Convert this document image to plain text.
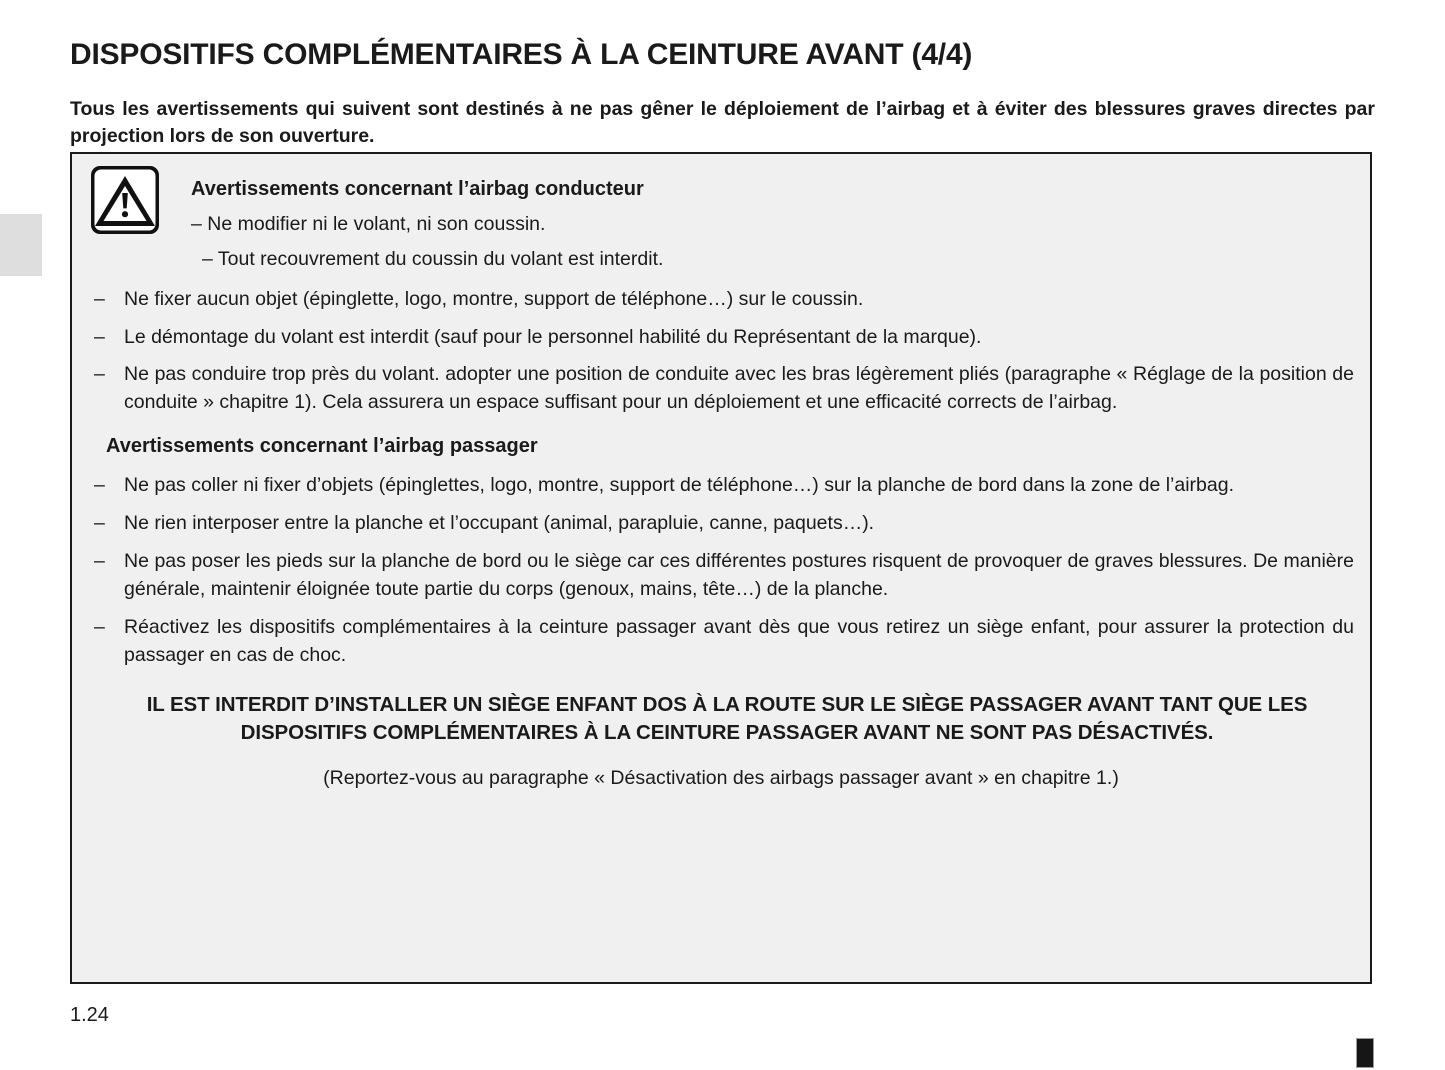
DISPOSITIFS COMPLÉMENTAIRES À LA CEINTURE AVANT (4/4)

Tous les avertissements qui suivent sont destinés à ne pas gêner le déploiement de l’airbag et à éviter des blessures graves directes par projection lors de son ouverture.

Avertissements concernant l’airbag conducteur
– Ne modifier ni le volant, ni son coussin.
– Tout recouvrement du coussin du volant est interdit.
– Ne fixer aucun objet (épinglette, logo, montre, support de téléphone…) sur le coussin.
– Le démontage du volant est interdit (sauf pour le personnel habilité du Représentant de la marque).
– Ne pas conduire trop près du volant. adopter une position de conduite avec les bras légèrement pliés (paragraphe « Réglage de la position de conduite » chapitre 1). Cela assurera un espace suffisant pour un déploiement et une efficacité corrects de l’airbag.
Avertissements concernant l’airbag passager
– Ne pas coller ni fixer d’objets (épinglettes, logo, montre, support de téléphone…) sur la planche de bord dans la zone de l’airbag.
– Ne rien interposer entre la planche et l’occupant (animal, parapluie, canne, paquets…).
– Ne pas poser les pieds sur la planche de bord ou le siège car ces différentes postures risquent de provoquer de graves blessures. De manière générale, maintenir éloignée toute partie du corps (genoux, mains, tête…) de la planche.
– Réactivez les dispositifs complémentaires à la ceinture passager avant dès que vous retirez un siège enfant, pour assurer la protection du passager en cas de choc.
IL EST INTERDIT D’INSTALLER UN SIÈGE ENFANT DOS À LA ROUTE SUR LE SIÈGE PASSAGER AVANT TANT QUE LES DISPOSITIFS COMPLÉMENTAIRES À LA CEINTURE PASSAGER AVANT NE SONT PAS DÉSACTIVÉS.
(Reportez-vous au paragraphe « Désactivation des airbags passager avant » en chapitre 1.)
1.24
